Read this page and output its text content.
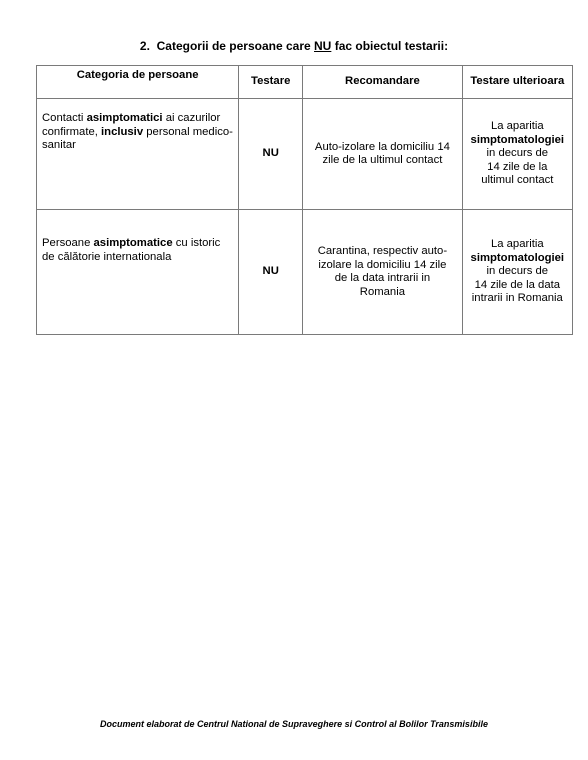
2. Categorii de persoane care NU fac obiectul testarii:
Categoria de persoane	Testare	Recomandare	Testare ulterioara
Contacti asimptomatici ai cazurilor confirmate, inclusiv personal medico-sanitar	NU	Auto-izolare la domiciliu 14 zile de la ultimul contact	La aparitia
simptomatologiei
in decurs de
14 zile de la
ultimul contact

Persoane asimptomatice cu istoric de călătorie internationala	NU	Carantina, respectiv auto-izolare la domiciliu 14 zile de la data intrarii in Romania	La aparitia
simptomatologiei
in decurs de
14 zile de la data
intrarii in Romania
Document elaborat de Centrul National de Supraveghere si Control al Bolilor Transmisibile
